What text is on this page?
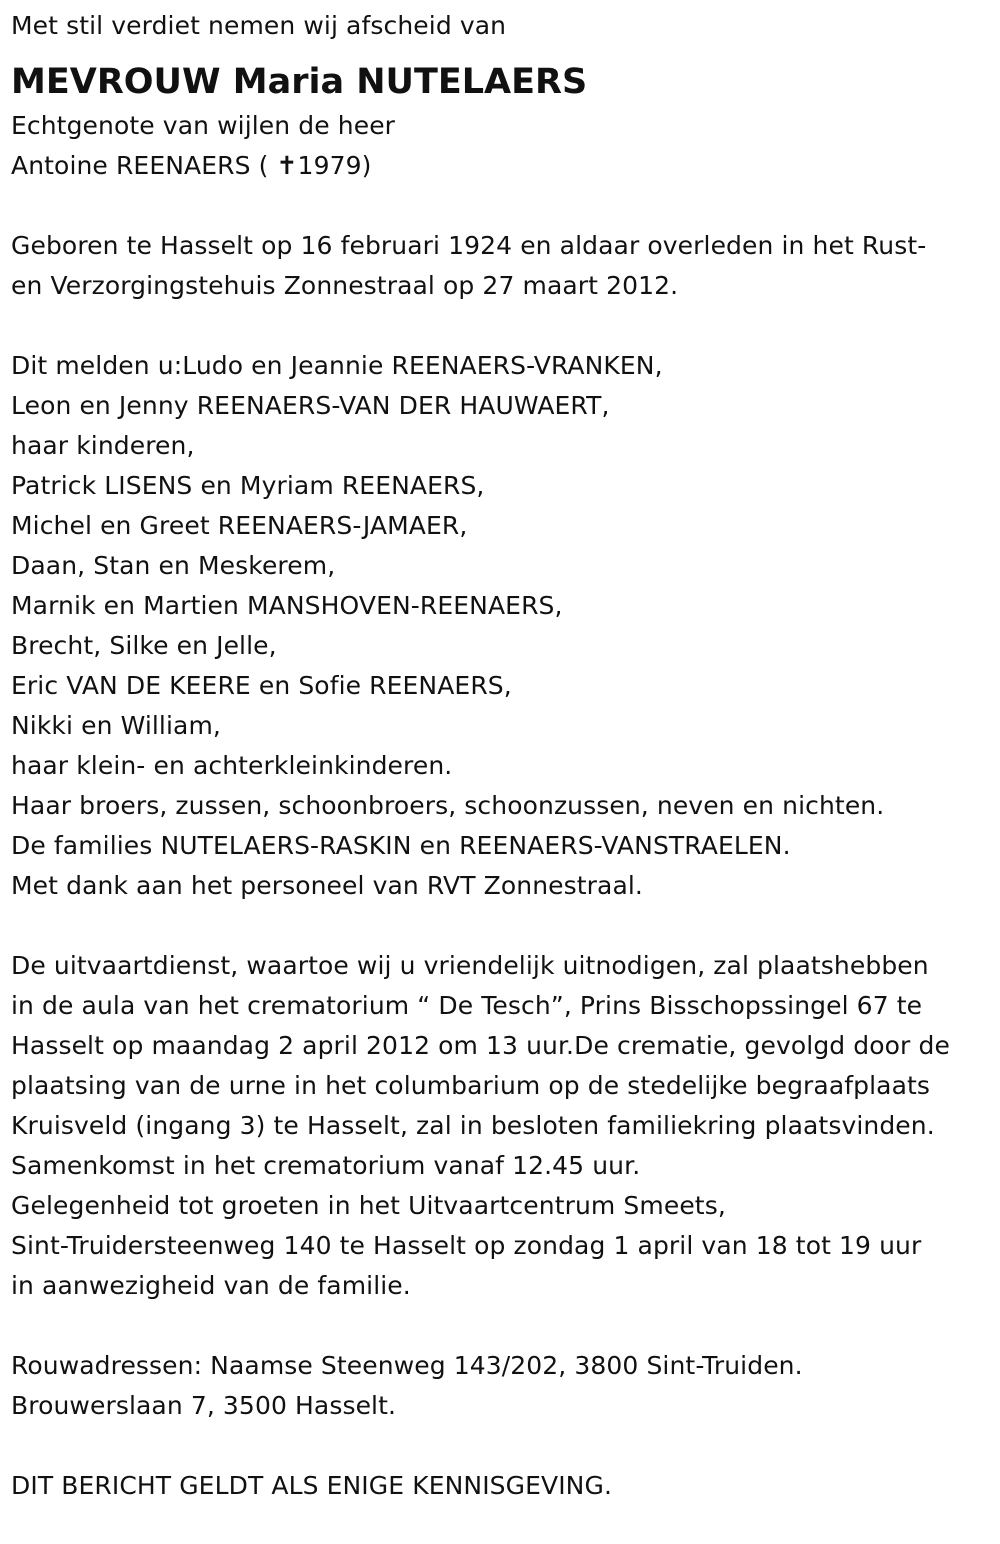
Met stil verdiet nemen wij afscheid van
MEVROUW Maria NUTELAERS
Echtgenote van wijlen de heer
Antoine REENAERS ( ✝1979)
Geboren te Hasselt op 16 februari 1924 en aldaar overleden in het Rust-
en Verzorgingstehuis Zonnestraal op 27 maart 2012.
Dit melden u:Ludo en Jeannie REENAERS-VRANKEN,
Leon en Jenny REENAERS-VAN DER HAUWAERT,
haar kinderen,
Patrick LISENS en Myriam REENAERS,
Michel en Greet REENAERS-JAMAER,
Daan, Stan en Meskerem,
Marnik en Martien MANSHOVEN-REENAERS,
Brecht, Silke en Jelle,
Eric VAN DE KEERE en Sofie REENAERS,
Nikki en William,
haar klein- en achterkleinkinderen.
Haar broers, zussen, schoonbroers, schoonzussen, neven en nichten.
De families NUTELAERS-RASKIN en REENAERS-VANSTRAELEN.
Met dank aan het personeel van RVT Zonnestraal.
De uitvaartdienst, waartoe wij u vriendelijk uitnodigen, zal plaatshebben
in de aula van het crematorium “ De Tesch”, Prins Bisschopssingel 67 te
Hasselt op maandag 2 april 2012 om 13 uur.De crematie, gevolgd door de
plaatsing van de urne in het columbarium op de stedelijke begraafplaats
Kruisveld (ingang 3) te Hasselt, zal in besloten familiekring plaatsvinden.
Samenkomst in het crematorium vanaf 12.45 uur.
Gelegenheid tot groeten in het Uitvaartcentrum Smeets,
Sint-Truidersteenweg 140 te Hasselt op zondag 1 april van 18 tot 19 uur
in aanwezigheid van de familie.
Rouwadressen: Naamse Steenweg 143/202, 3800 Sint-Truiden.
Brouwerslaan 7, 3500 Hasselt.
DIT BERICHT GELDT ALS ENIGE KENNISGEVING.
